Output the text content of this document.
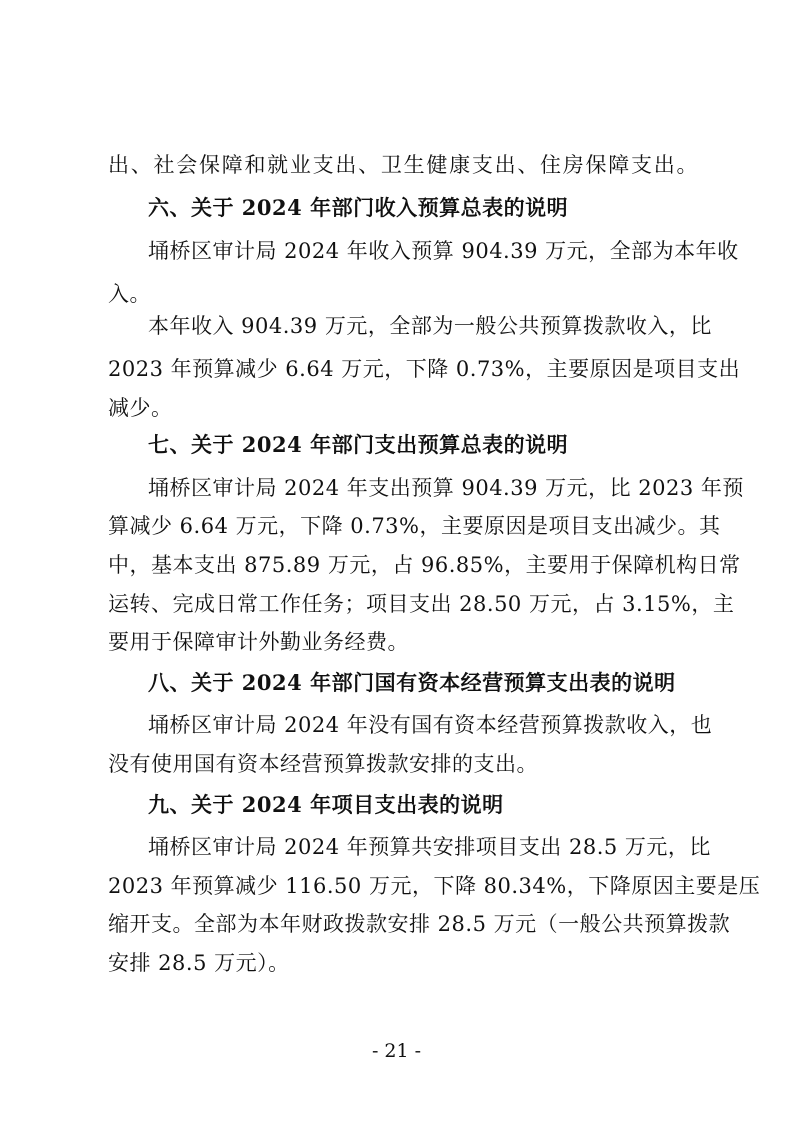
出、社会保障和就业支出、卫生健康支出、住房保障支出。
六、关于 2024 年部门收入预算总表的说明
埇桥区审计局 2024 年收入预算 904.39 万元，全部为本年收
入。
本年收入 904.39 万元，全部为一般公共预算拨款收入，比
2023 年预算减少 6.64 万元，下降 0.73%，主要原因是项目支出
减少。
七、关于 2024 年部门支出预算总表的说明
埇桥区审计局 2024 年支出预算 904.39 万元，比 2023 年预
算减少 6.64 万元，下降 0.73%，主要原因是项目支出减少。其
中，基本支出 875.89 万元，占 96.85%，主要用于保障机构日常
运转、完成日常工作任务；项目支出 28.50 万元，占 3.15%，主
要用于保障审计外勤业务经费。
八、关于 2024 年部门国有资本经营预算支出表的说明
埇桥区审计局 2024 年没有国有资本经营预算拨款收入，也
没有使用国有资本经营预算拨款安排的支出。
九、关于 2024 年项目支出表的说明
埇桥区审计局 2024 年预算共安排项目支出 28.5 万元，比
2023 年预算减少 116.50 万元，下降 80.34%，下降原因主要是压
缩开支。全部为本年财政拨款安排 28.5 万元（一般公共预算拨款
安排 28.5 万元）。
- 21 -
